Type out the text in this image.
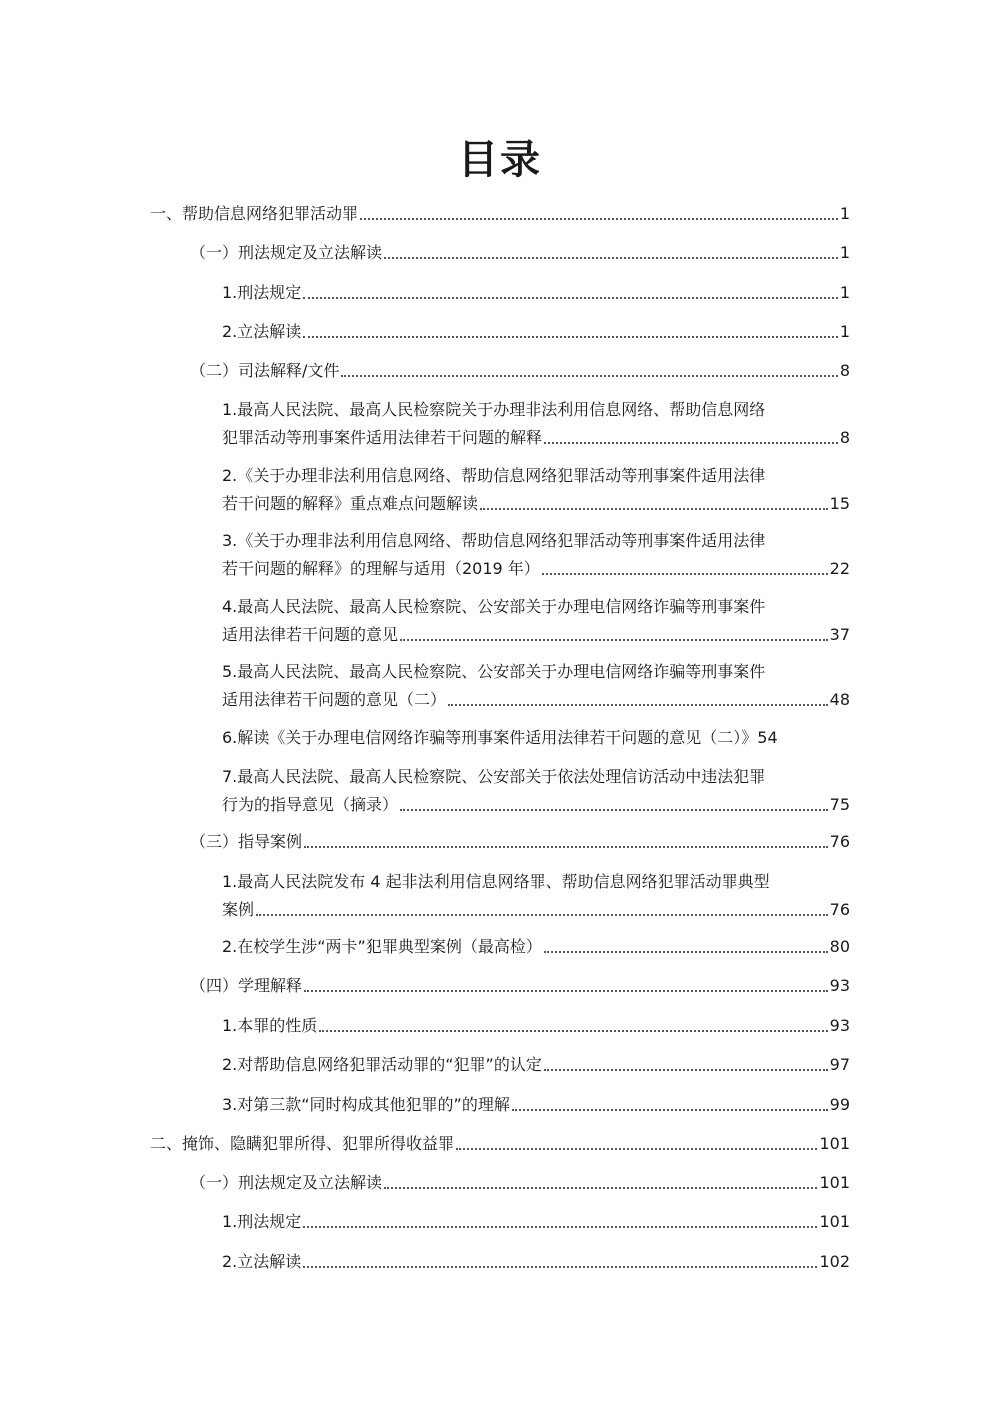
目录
一、帮助信息网络犯罪活动罪	1
（一）刑法规定及立法解读	1
1.刑法规定	1
2.立法解读	1
（二）司法解释/文件	8
1.最高人民法院、最高人民检察院关于办理非法利用信息网络、帮助信息网络
犯罪活动等刑事案件适用法律若干问题的解释	8
2.《关于办理非法利用信息网络、帮助信息网络犯罪活动等刑事案件适用法律
若干问题的解释》重点难点问题解读	15
3.《关于办理非法利用信息网络、帮助信息网络犯罪活动等刑事案件适用法律
若干问题的解释》的理解与适用（2019 年）	22
4.最高人民法院、最高人民检察院、公安部关于办理电信网络诈骗等刑事案件
适用法律若干问题的意见	37
5.最高人民法院、最高人民检察院、公安部关于办理电信网络诈骗等刑事案件
适用法律若干问题的意见（二）	48
6.解读《关于办理电信网络诈骗等刑事案件适用法律若干问题的意见（二）》 54
7.最高人民法院、最高人民检察院、公安部关于依法处理信访活动中违法犯罪
行为的指导意见（摘录）	75
（三）指导案例	76
1.最高人民法院发布 4 起非法利用信息网络罪、帮助信息网络犯罪活动罪典型
案例	76
2.在校学生涉“两卡”犯罪典型案例（最高检）	80
（四）学理解释	93
1.本罪的性质	93
2.对帮助信息网络犯罪活动罪的“犯罪”的认定	97
3.对第三款“同时构成其他犯罪的”的理解	99
二、掩饰、隐瞒犯罪所得、犯罪所得收益罪	101
（一）刑法规定及立法解读	101
1.刑法规定	101
2.立法解读	102
